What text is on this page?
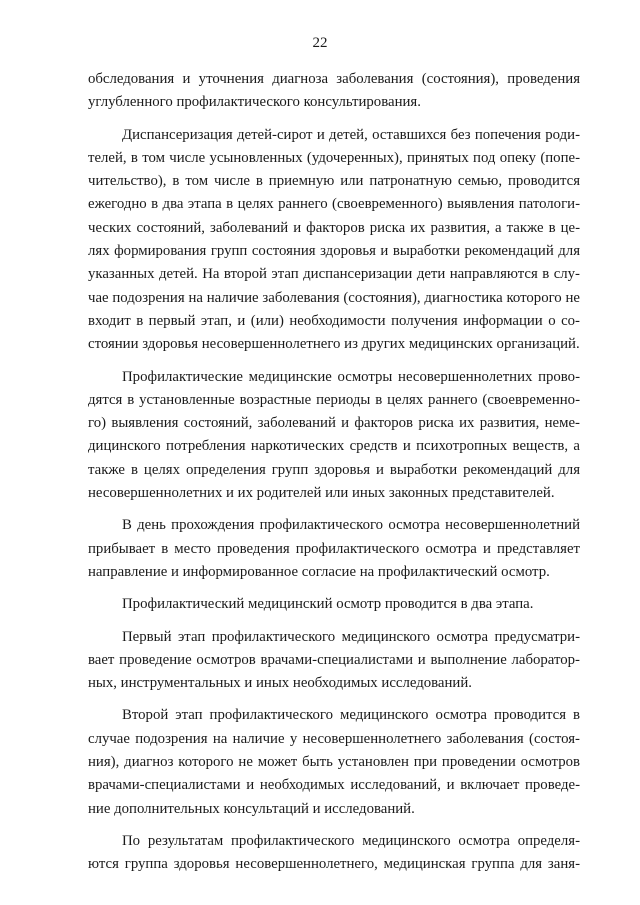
22
обследования и уточнения диагноза заболевания (состояния), проведения
углубленного профилактического консультирования.
Диспансеризация детей-сирот и детей, оставшихся без попечения роди-
телей, в том числе усыновленных (удочеренных), принятых под опеку (попе-
чительство), в том числе в приемную или патронатную семью, проводится
ежегодно в два этапа в целях раннего (своевременного) выявления патологи-
ческих состояний, заболеваний и факторов риска их развития, а также в це-
лях формирования групп состояния здоровья и выработки рекомендаций для
указанных детей. На второй этап диспансеризации дети направляются в слу-
чае подозрения на наличие заболевания (состояния), диагностика которого не
входит в первый этап, и (или) необходимости получения информации о со-
стоянии здоровья несовершеннолетнего из других медицинских организаций.
Профилактические медицинские осмотры несовершеннолетних прово-
дятся в установленные возрастные периоды в целях раннего (своевременно-
го) выявления состояний, заболеваний и факторов риска их развития, неме-
дицинского потребления наркотических средств и психотропных веществ, а
также в целях определения групп здоровья и выработки рекомендаций для
несовершеннолетних и их родителей или иных законных представителей.
В день прохождения профилактического осмотра несовершеннолетний
прибывает в место проведения профилактического осмотра и представляет
направление и информированное согласие на профилактический осмотр.
Профилактический медицинский осмотр проводится в два этапа.
Первый этап профилактического медицинского осмотра предусматри-
вает проведение осмотров врачами-специалистами и выполнение лаборатор-
ных, инструментальных и иных необходимых исследований.
Второй этап профилактического медицинского осмотра проводится в
случае подозрения на наличие у несовершеннолетнего заболевания (состоя-
ния), диагноз которого не может быть установлен при проведении осмотров
врачами-специалистами и необходимых исследований, и включает проведе-
ние дополнительных консультаций и исследований.
По результатам профилактического медицинского осмотра определя-
ются группа здоровья несовершеннолетнего, медицинская группа для заня-
